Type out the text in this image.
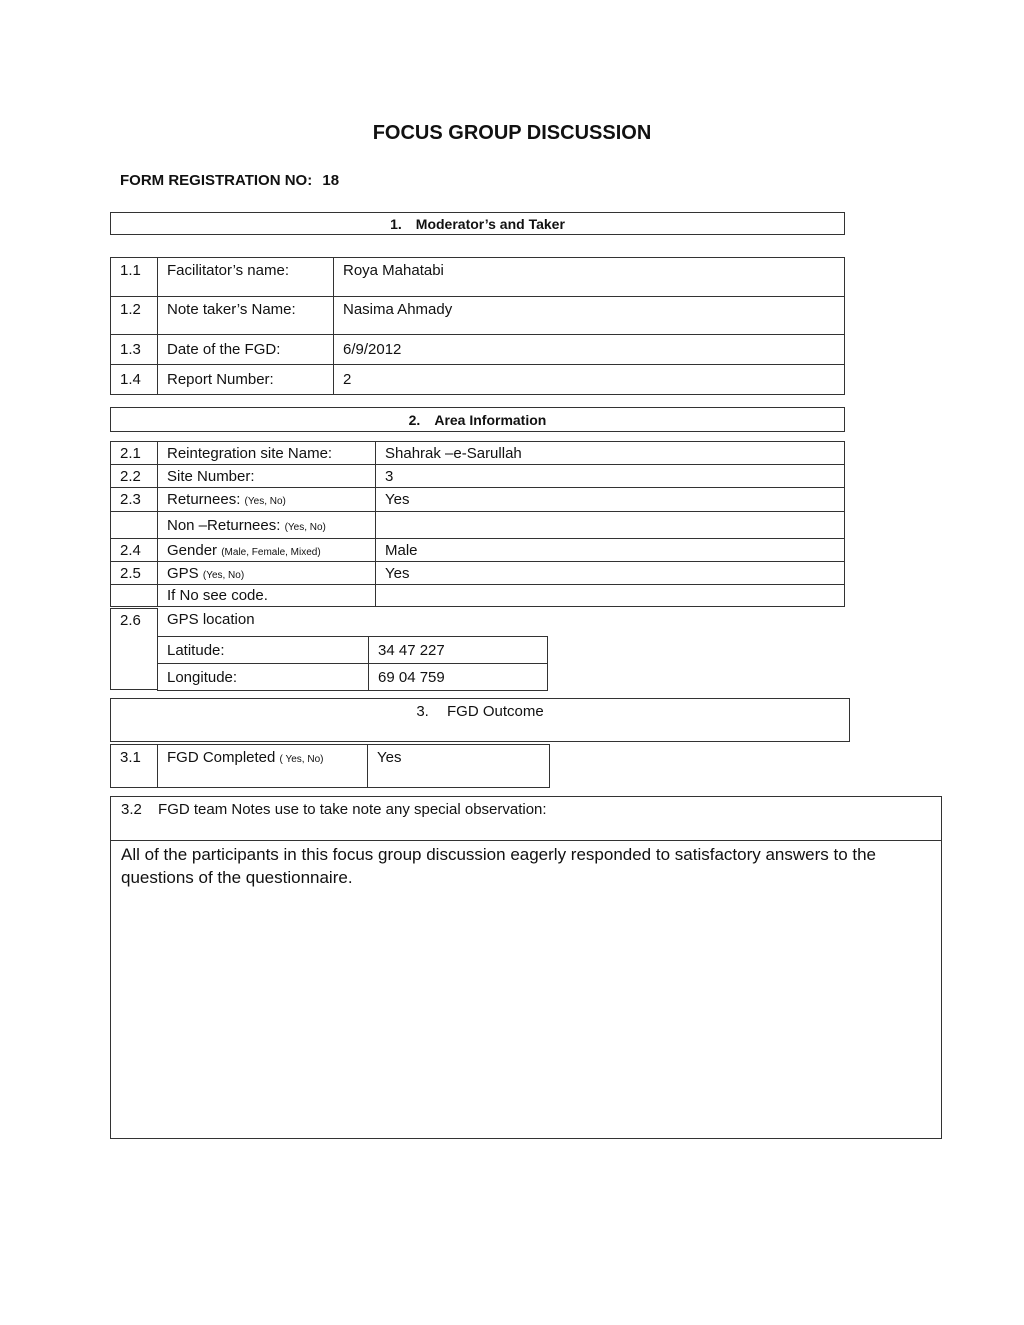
FOCUS GROUP DISCUSSION
FORM REGISTRATION NO: 18
1. Moderator’s and Taker
1.1	Facilitator’s name:	Roya Mahatabi
1.2	Note taker’s Name:	Nasima Ahmady
1.3	Date of the FGD:	6/9/2012
1.4	Report Number:	2
2. Area Information
2.1	Reintegration site Name:	Shahrak –e-Sarullah
2.2	Site Number:	3
2.3	Returnees: (Yes, No)	Yes
	Non –Returnees: (Yes, No)	
2.4	Gender (Male, Female, Mixed)	Male
2.5	GPS (Yes, No)	Yes
	If No see code.	
2.6	GPS location
Latitude:	34 47 227
Longitude:	69 04 759
3. FGD Outcome
3.1	FGD Completed ( Yes, No)	Yes
3.2 FGD team Notes use to take note any special observation:
All of the participants in this focus group discussion eagerly responded to satisfactory answers to the questions of the questionnaire.
